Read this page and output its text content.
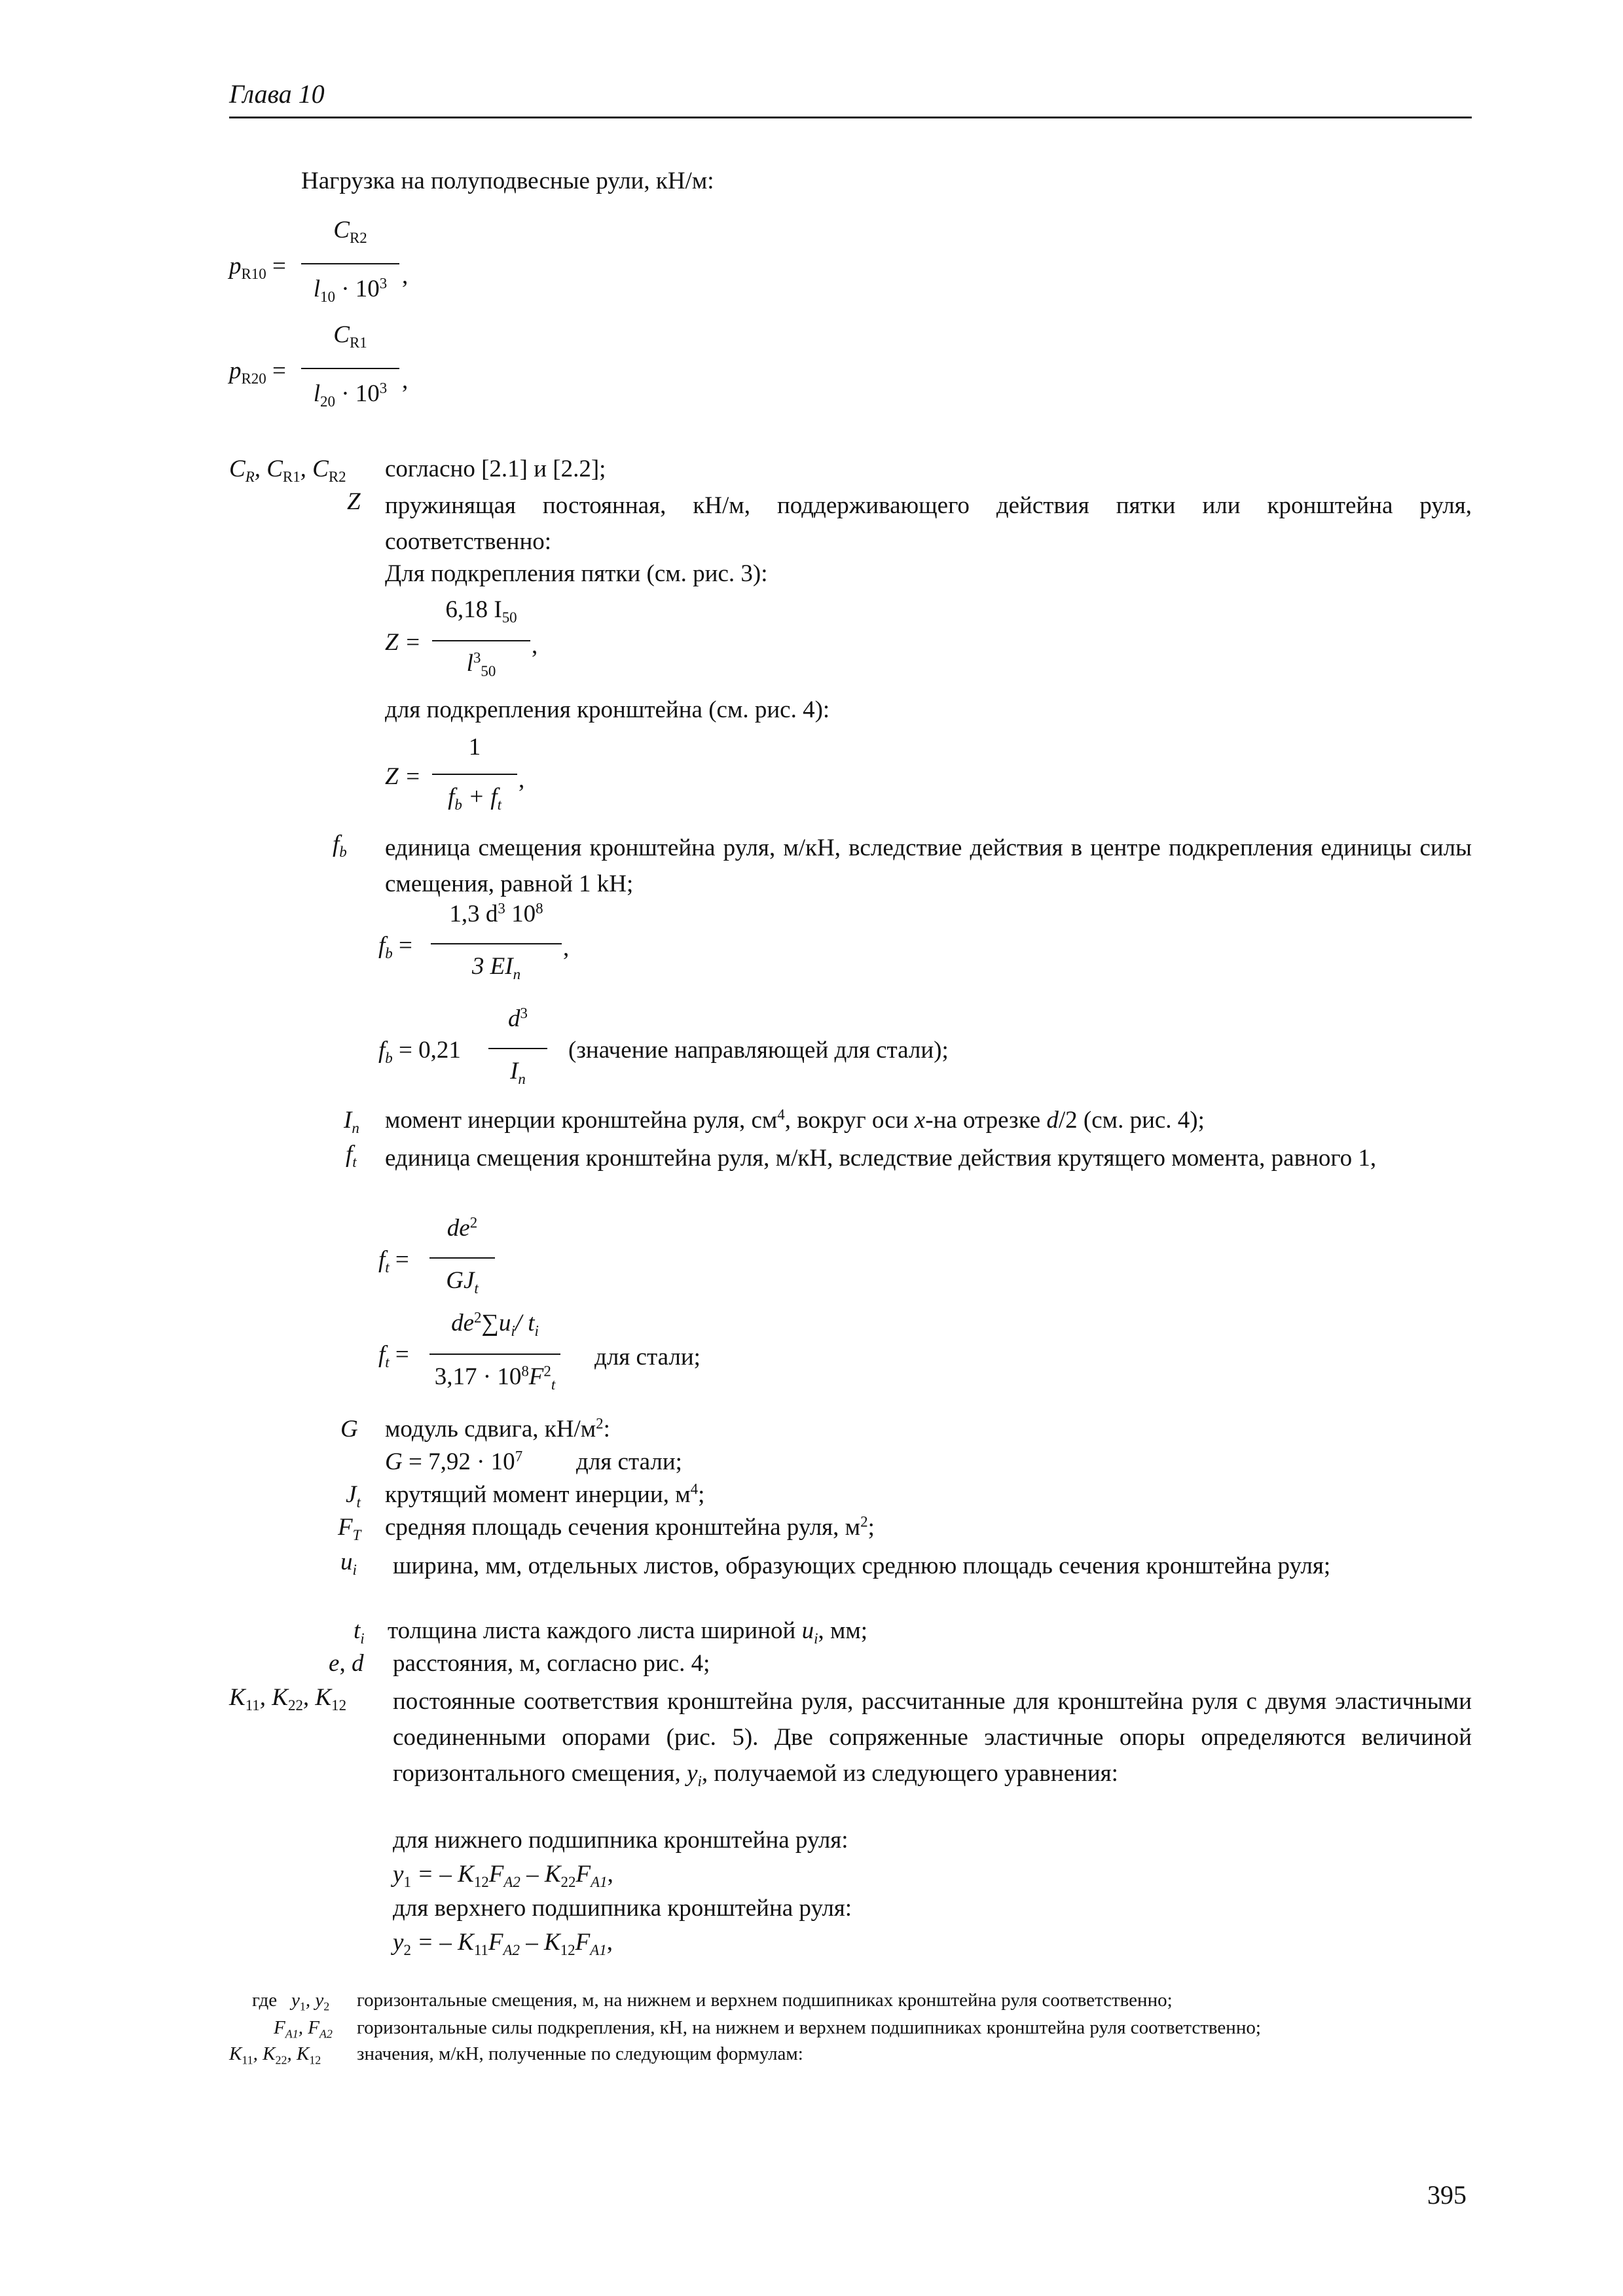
Глава 10
Нагрузка на полуподвесные рули, кН/м:
$p_{R10}$ =
$C_{R2}$
$l_{10} \cdot 10^3$ ,
$p_{R20}$ =
$C_{R1}$
$l_{20} \cdot 10^3$ ,
$C_R$, $C_{R1}$, $C_{R2}$ согласно [2.1] и [2.2];
Z пружинящая постоянная, кН/м, поддерживающего действия пятки или кронштейна руля, соответственно:
Для подкрепления пятки (см. рис. 3):
Z =
6,18 $I_{50}$
$l^3_{50}$
,
для подкрепления кронштейна (см. рис. 4):
Z =
1
$f_b + f_t$
,
$f_b$ единица смещения кронштейна руля, м/кН, вследствие действия в центре подкрепления единицы силы смещения, равной 1 kH;
$f_b$ =
1,3 $d^3$ $10^8$
3 $EI_n$
,
$f_b = 0,21$
$d^3$
$I_n$
(значение направляющей для стали);
$I_n$ момент инерции кронштейна руля, $см^4$, вокруг оси x-на отрезке d/2 (см. рис. 4);
$f_t$ единица смещения кронштейна руля, м/кН, вследствие действия крутящего момента, равного 1,
$f_t$ =
$de^2$
$GJ_t$
$f_t$ =
$de^2\sum u_i/$ $t_i$
$3,17 \cdot 10^8F^2_t$
для стали;
G модуль сдвига, $кН/м^2$:
$G = 7,92 \cdot 10^7$ для стали;
$J_t$ крутящий момент инерции, $м^4$;
$F_T$ средняя площадь сечения кронштейна руля, $м^2$;
$u_i$ ширина, мм, отдельных листов, образующих среднюю площадь сечения кронштейна руля;
$t_i$ толщина листа каждого листа шириной $u_i$, мм;
e, d расстояния, м, согласно рис. 4;
$K_{11}$, $K_{22}$, $K_{12}$ постоянные соответствия кронштейна руля, рассчитанные для кронштейна руля с двумя эластичными соединенными опорами (рис. 5). Две сопряженные эластичные опоры определяются величиной горизонтального смещения, $y_i$, получаемой из следующего уравнения:
для нижнего подшипника кронштейна руля:
$y_1$ = – $K_{12}F_{A2} - K_{22}F_{A1}$,
для верхнего подшипника кронштейна руля:
$y_2$ = – $K_{11}F_{A2} - K_{12}F_{A1}$,
где $y_1$, $y_2$ горизонтальные смещения, м, на нижнем и верхнем подшипниках кронштейна руля соответственно;
$F_{A1}$, $F_{A2}$ горизонтальные силы подкрепления, кН, на нижнем и верхнем подшипниках кронштейна руля соответственно;
$K_{11}$, $K_{22}$, $K_{12}$ значения, м/кН, полученные по следующим формулам:
395
